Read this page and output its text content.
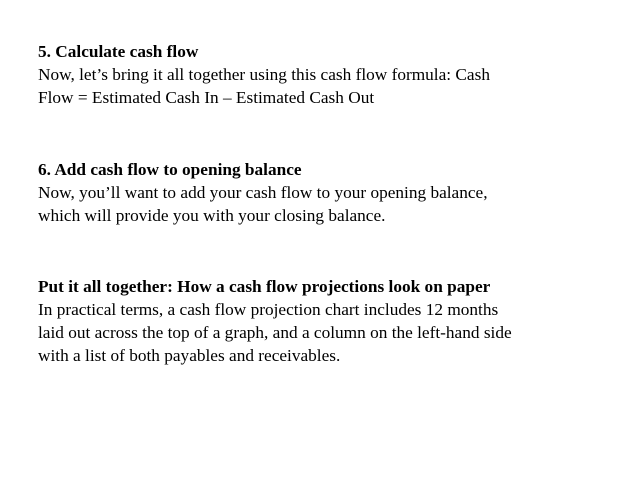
5. Calculate cash flow

Now, let’s bring it all together using this cash flow formula: Cash

Flow = Estimated Cash In – Estimated Cash Out

6. Add cash flow to opening balance

Now, you’ll want to add your cash flow to your opening balance,

which will provide you with your closing balance.

Put it all together: How a cash flow projections look on paper

In practical terms, a cash flow projection chart includes 12 months

laid out across the top of a graph, and a column on the left-hand side

with a list of both payables and receivables.
